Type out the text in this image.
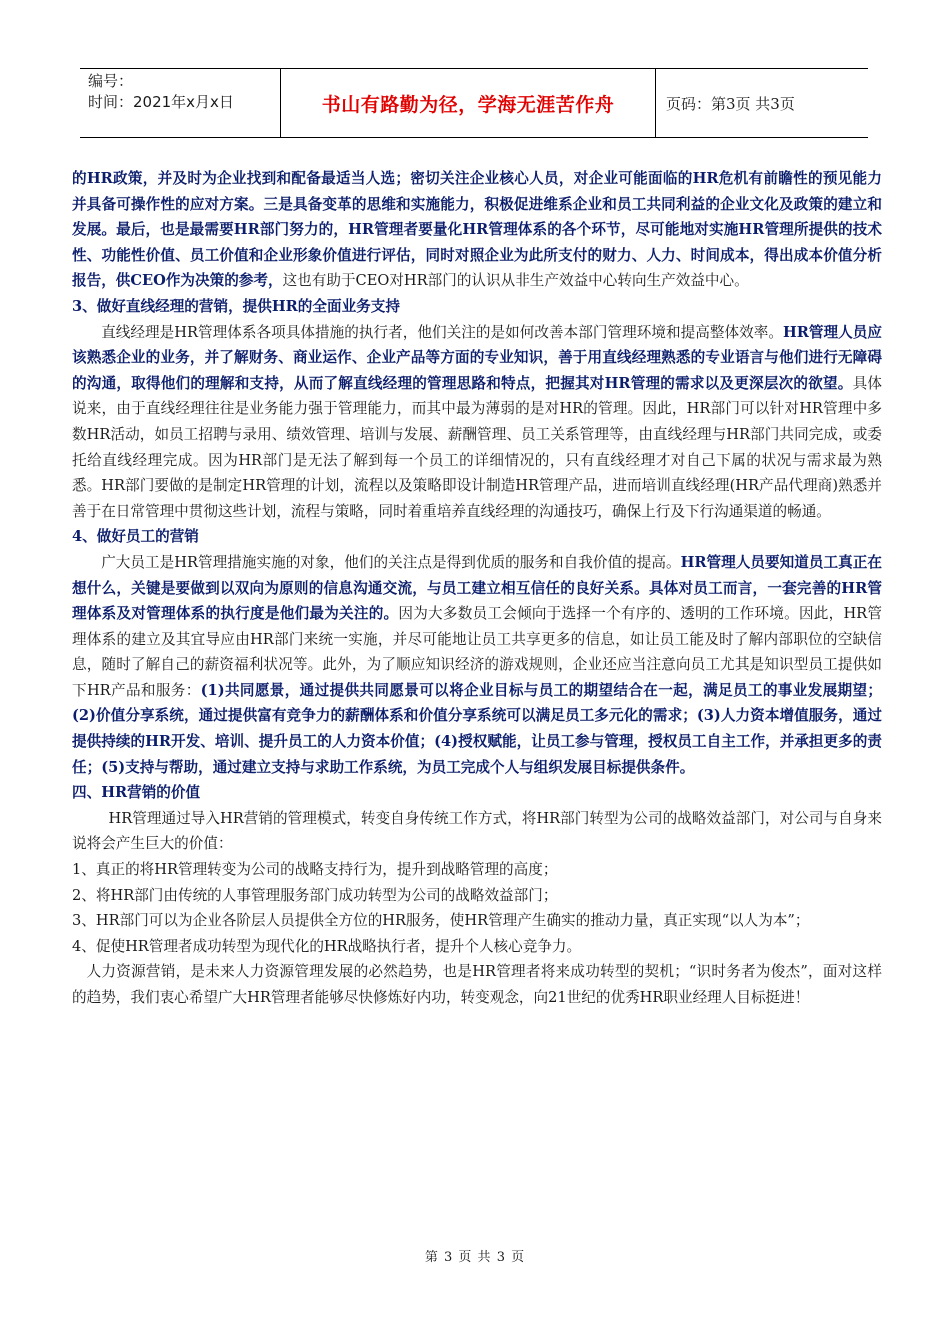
编号：
时间：2021年x月x日	书山有路勤为径，学海无涯苦作舟	页码：第3页 共3页

的HR政策，并及时为企业找到和配备最适当人选；密切关注企业核心人员，对企业可能面临的HR危机有前瞻性的预见能力并具备可操作性的应对方案。三是具备变革的思维和实施能力，积极促进维系企业和员工共同利益的企业文化及政策的建立和发展。最后，也是最需要HR部门努力的，HR管理者要量化HR管理体系的各个环节，尽可能地对实施HR管理所提供的技术性、功能性价值、员工价值和企业形象价值进行评估，同时对照企业为此所支付的财力、人力、时间成本，得出成本价值分析报告，供CEO作为决策的参考，这也有助于CEO对HR部门的认识从非生产效益中心转向生产效益中心。

3、做好直线经理的营销，提供HR的全面业务支持

直线经理是HR管理体系各项具体措施的执行者，他们关注的是如何改善本部门管理环境和提高整体效率。HR管理人员应该熟悉企业的业务，并了解财务、商业运作、企业产品等方面的专业知识，善于用直线经理熟悉的专业语言与他们进行无障碍的沟通，取得他们的理解和支持，从而了解直线经理的管理思路和特点，把握其对HR管理的需求以及更深层次的欲望。具体说来，由于直线经理往往是业务能力强于管理能力，而其中最为薄弱的是对HR的管理。因此，HR部门可以针对HR管理中多数HR活动，如员工招聘与录用、绩效管理、培训与发展、薪酬管理、员工关系管理等，由直线经理与HR部门共同完成，或委托给直线经理完成。因为HR部门是无法了解到每一个员工的详细情况的，只有直线经理才对自己下属的状况与需求最为熟悉。HR部门要做的是制定HR管理的计划，流程以及策略即设计制造HR管理产品，进而培训直线经理(HR产品代理商)熟悉并善于在日常管理中贯彻这些计划，流程与策略，同时着重培养直线经理的沟通技巧，确保上行及下行沟通渠道的畅通。

4、做好员工的营销

广大员工是HR管理措施实施的对象，他们的关注点是得到优质的服务和自我价值的提高。HR管理人员要知道员工真正在想什么，关键是要做到以双向为原则的信息沟通交流，与员工建立相互信任的良好关系。具体对员工而言，一套完善的HR管理体系及对管理体系的执行度是他们最为关注的。因为大多数员工会倾向于选择一个有序的、透明的工作环境。因此，HR管理体系的建立及其宜导应由HR部门来统一实施，并尽可能地让员工共享更多的信息，如让员工能及时了解内部职位的空缺信息，随时了解自己的薪资福利状况等。此外，为了顺应知识经济的游戏规则，企业还应当注意向员工尤其是知识型员工提供如下HR产品和服务：(1)共同愿景，通过提供共同愿景可以将企业目标与员工的期望结合在一起，满足员工的事业发展期望；(2)价值分享系统，通过提供富有竞争力的薪酬体系和价值分享系统可以满足员工多元化的需求；(3)人力资本增值服务，通过提供持续的HR开发、培训、提升员工的人力资本价值；(4)授权赋能，让员工参与管理，授权员工自主工作，并承担更多的责任；(5)支持与帮助，通过建立支持与求助工作系统，为员工完成个人与组织发展目标提供条件。

四、HR营销的价值

HR管理通过导入HR营销的管理模式，转变自身传统工作方式，将HR部门转型为公司的战略效益部门，对公司与自身来说将会产生巨大的价值：

1、真正的将HR管理转变为公司的战略支持行为，提升到战略管理的高度；

2、将HR部门由传统的人事管理服务部门成功转型为公司的战略效益部门；

3、HR部门可以为企业各阶层人员提供全方位的HR服务，使HR管理产生确实的推动力量，真正实现“以人为本”；

4、促使HR管理者成功转型为现代化的HR战略执行者，提升个人核心竞争力。

人力资源营销，是未来人力资源管理发展的必然趋势，也是HR管理者将来成功转型的契机；“识时务者为俊杰”，面对这样的趋势，我们衷心希望广大HR管理者能够尽快修炼好内功，转变观念，向21世纪的优秀HR职业经理人目标挺进！

第 3 页 共 3 页
